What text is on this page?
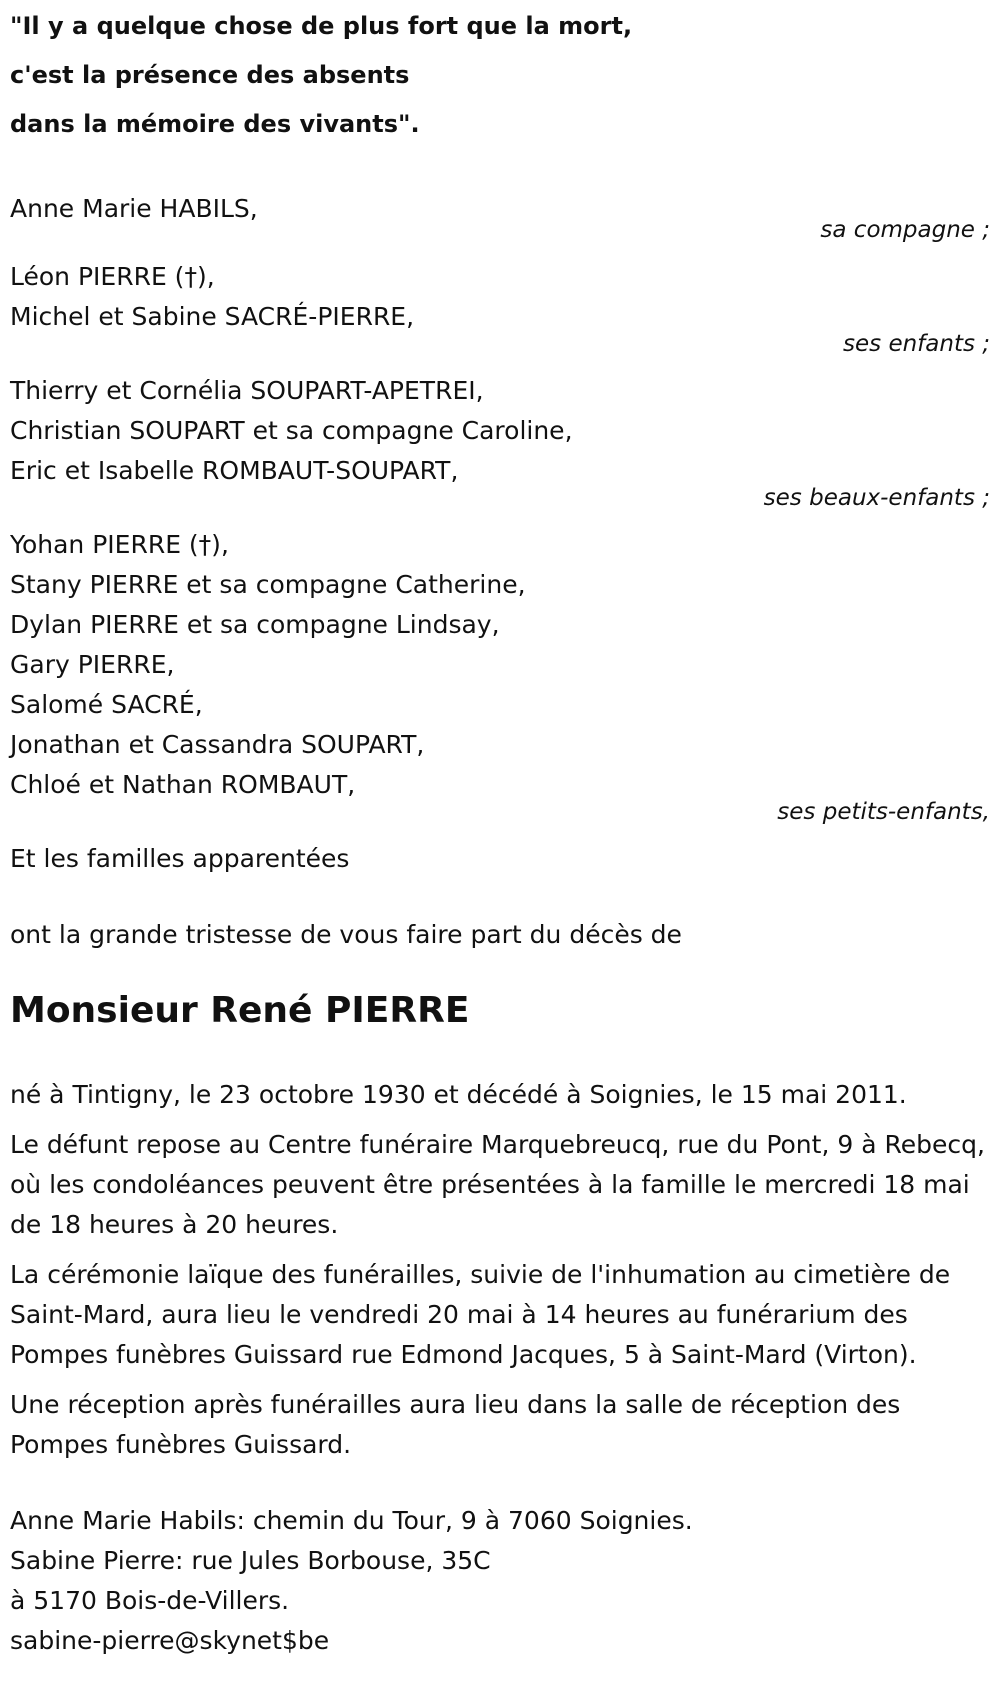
"Il y a quelque chose de plus fort que la mort,
c'est la présence des absents
dans la mémoire des vivants".
Anne Marie HABILS,
sa compagne ;
Léon PIERRE (†),
Michel et Sabine SACRÉ-PIERRE,
ses enfants ;
Thierry et Cornélia SOUPART-APETREI,
Christian SOUPART et sa compagne Caroline,
Eric et Isabelle ROMBAUT-SOUPART,
ses beaux-enfants ;
Yohan PIERRE (†),
Stany PIERRE et sa compagne Catherine,
Dylan PIERRE et sa compagne Lindsay,
Gary PIERRE,
Salomé SACRÉ,
Jonathan et Cassandra SOUPART,
Chloé et Nathan ROMBAUT,
ses petits-enfants,
Et les familles apparentées
ont la grande tristesse de vous faire part du décès de
Monsieur René PIERRE

né à Tintigny, le 23 octobre 1930 et décédé à Soignies, le 15 mai 2011.

Le défunt repose au Centre funéraire Marquebreucq, rue du Pont, 9 à Rebecq, où les condoléances peuvent être présentées à la famille le mercredi 18 mai de 18 heures à 20 heures.

La cérémonie laïque des funérailles, suivie de l'inhumation au cimetière de Saint-Mard, aura lieu le vendredi 20 mai à 14 heures au funérarium des Pompes funèbres Guissard rue Edmond Jacques, 5 à Saint-Mard (Virton).

Une réception après funérailles aura lieu dans la salle de réception des Pompes funèbres Guissard.

Anne Marie Habils: chemin du Tour, 9 à 7060 Soignies.
Sabine Pierre: rue Jules Borbouse, 35C
à 5170 Bois-de-Villers.
sabine-pierre@skynet$be
